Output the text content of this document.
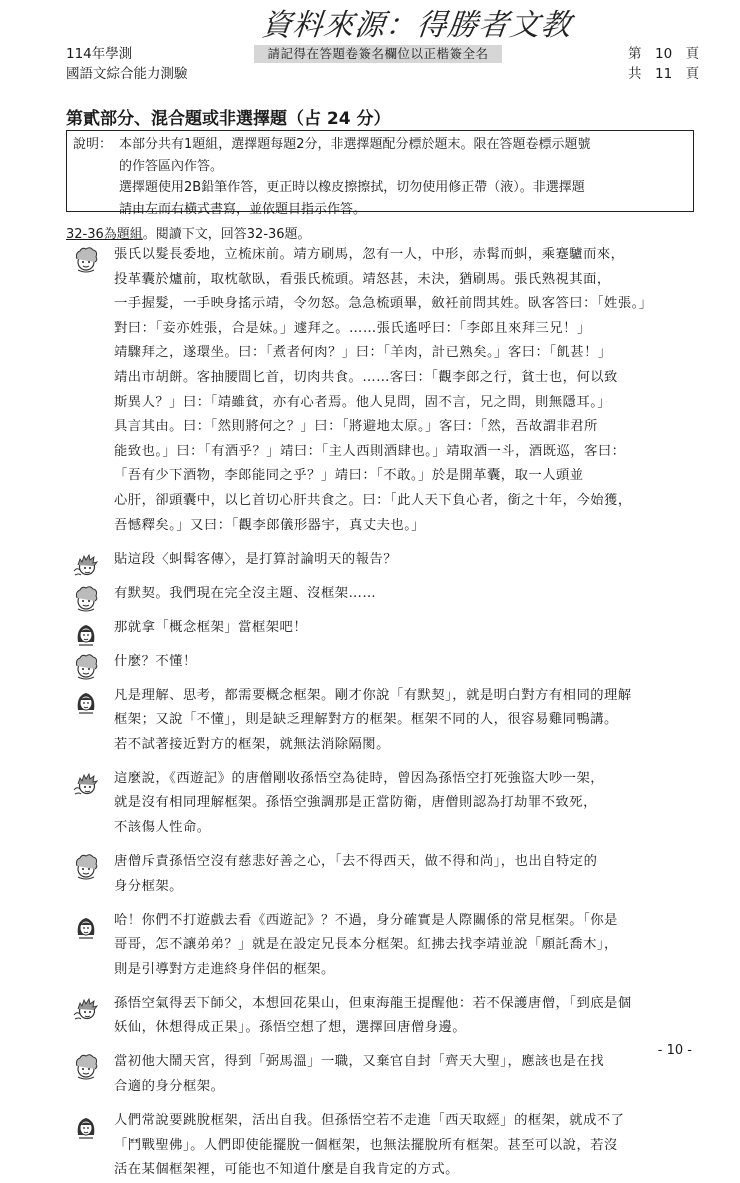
資料來源：得勝者文教
114年學測
國語文綜合能力測驗
請記得在答題卷簽名欄位以正楷簽全名	第　10　頁
共　11　頁
第貳部分、混合題或非選擇題（占 24 分）
說明： 本部分共有1題組，選擇題每題2分，非選擇題配分標於題末。限在答題卷標示題號
的作答區內作答。
選擇題使用2B鉛筆作答，更正時以橡皮擦擦拭，切勿使用修正帶（液）。非選擇題
請由左而右橫式書寫，並依題目指示作答。
32-36為題組。閱讀下文，回答32-36題。
張氏以髮長委地，立梳床前。靖方刷馬，忽有一人，中形，赤髯而虯，乘蹇驢而來，
投革囊於爐前，取枕欹臥，看張氏梳頭。靖怒甚，未決，猶刷馬。張氏熟視其面，
一手握髮，一手映身搖示靖，令勿怒。急急梳頭畢，斂衽前問其姓。臥客答曰：「姓張。」
對曰：「妾亦姓張，合是妹。」遽拜之。……張氏遙呼曰：「李郎且來拜三兄！」
靖驟拜之，遂環坐。曰：「煮者何肉？」曰：「羊肉，計已熟矣。」客曰：「飢甚！」
靖出市胡餅。客抽腰間匕首，切肉共食。……客曰：「觀李郎之行，貧士也，何以致
斯異人？」曰：「靖雖貧，亦有心者焉。他人見問，固不言，兄之問，則無隱耳。」
具言其由。曰：「然則將何之？」曰：「將避地太原。」客曰：「然，吾故謂非君所
能致也。」曰：「有酒乎？」靖曰：「主人西則酒肆也。」靖取酒一斗，酒既巡，客曰：
「吾有少下酒物，李郎能同之乎？」靖曰：「不敢。」於是開革囊，取一人頭並
心肝，卻頭囊中，以匕首切心肝共食之。曰：「此人天下負心者，銜之十年，今始獲，
吾憾釋矣。」又曰：「觀李郎儀形器宇，真丈夫也。」
貼這段〈虯髯客傳〉，是打算討論明天的報告？
有默契。我們現在完全沒主題、沒框架……
那就拿「概念框架」當框架吧！
什麼？不懂！
凡是理解、思考，都需要概念框架。剛才你說「有默契」，就是明白對方有相同的理解
框架；又說「不懂」，則是缺乏理解對方的框架。框架不同的人，很容易雞同鴨講。
若不試著接近對方的框架，就無法消除隔閡。
這麼說，《西遊記》的唐僧剛收孫悟空為徒時，曾因為孫悟空打死強盜大吵一架，
就是沒有相同理解框架。孫悟空強調那是正當防衛，唐僧則認為打劫罪不致死，
不該傷人性命。
唐僧斥責孫悟空沒有慈悲好善之心，「去不得西天，做不得和尚」，也出自特定的
身分框架。
哈！你們不打遊戲去看《西遊記》？不過，身分確實是人際關係的常見框架。「你是
哥哥，怎不讓弟弟？」就是在設定兄長本分框架。紅拂去找李靖並說「願託喬木」，
則是引導對方走進終身伴侶的框架。
孫悟空氣得丟下師父，本想回花果山，但東海龍王提醒他：若不保護唐僧，「到底是個
妖仙，休想得成正果」。孫悟空想了想，選擇回唐僧身邊。
當初他大鬧天宮，得到「弼馬溫」一職，又棄官自封「齊天大聖」，應該也是在找
合適的身分框架。
人們常說要跳脫框架，活出自我。但孫悟空若不走進「西天取經」的框架，就成不了
「鬥戰聖佛」。人們即使能擺脫一個框架，也無法擺脫所有框架。甚至可以說，若沒
活在某個框架裡，可能也不知道什麼是自我肯定的方式。
- 10 -
